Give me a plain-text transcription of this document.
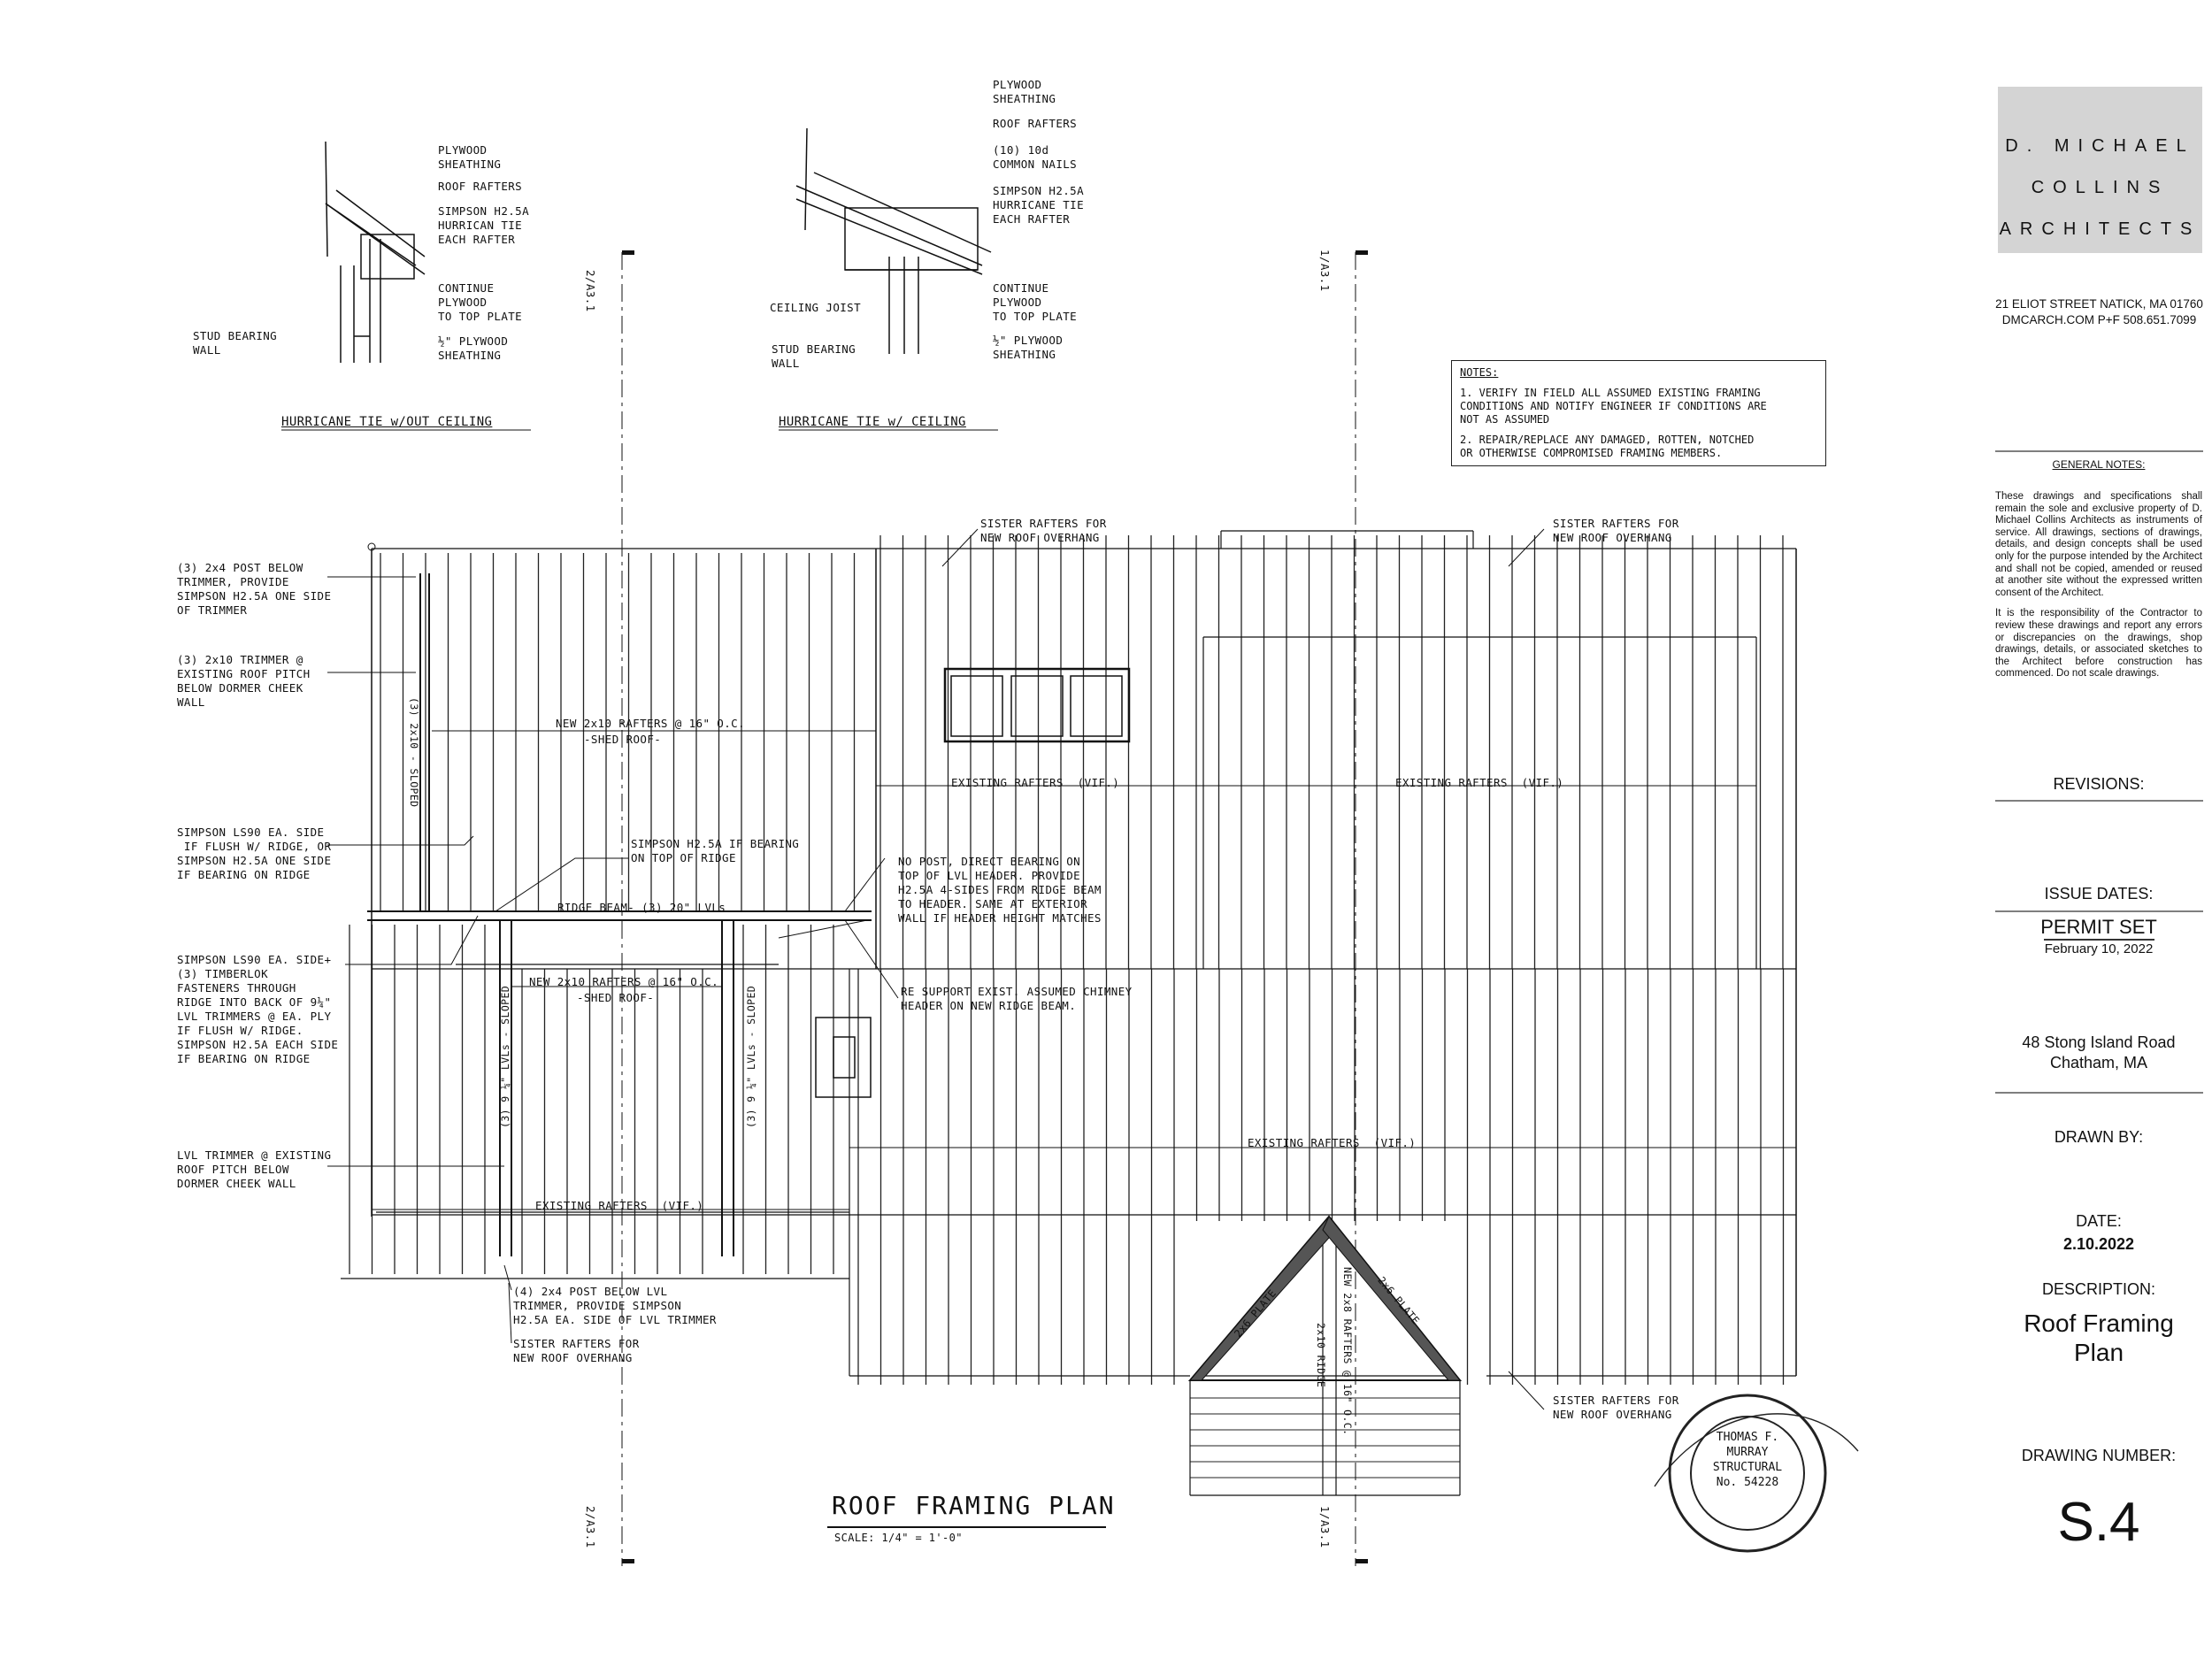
THOMAS F.
MURRAY
STRUCTURAL
No. 54228
PLYWOOD
SHEATHING
ROOF RAFTERS
SIMPSON H2.5A
HURRICAN TIE
EACH RAFTER
CONTINUE
PLYWOOD
TO TOP PLATE
STUD BEARING
WALL
½" PLYWOOD
SHEATHING
HURRICANE TIE w/OUT CEILING
PLYWOOD
SHEATHING
ROOF RAFTERS
(10) 10d
COMMON NAILS
SIMPSON H2.5A
HURRICANE TIE
EACH RAFTER
CONTINUE
PLYWOOD
TO TOP PLATE
CEILING JOIST
STUD BEARING
WALL
½" PLYWOOD
SHEATHING
HURRICANE TIE w/ CEILING
2/A3.1	1/A3.1
2/A3.1	1/A3.1
NOTES:
1. VERIFY IN FIELD ALL ASSUMED EXISTING FRAMING
CONDITIONS AND NOTIFY ENGINEER IF CONDITIONS ARE
NOT AS ASSUMED
2. REPAIR/REPLACE ANY DAMAGED, ROTTEN, NOTCHED
OR OTHERWISE COMPROMISED FRAMING MEMBERS.
(3) 2x4 POST BELOW
TRIMMER, PROVIDE
SIMPSON H2.5A ONE SIDE
OF TRIMMER
(3) 2x10 TRIMMER @
EXISTING ROOF PITCH
BELOW DORMER CHEEK
WALL
SIMPSON LS90 EA. SIDE
IF FLUSH W/ RIDGE, OR
SIMPSON H2.5A ONE SIDE
IF BEARING ON RIDGE
SIMPSON LS90 EA. SIDE+
(3) TIMBERLOK
FASTENERS THROUGH
RIDGE INTO BACK OF 9¼"
LVL TRIMMERS @ EA. PLY
IF FLUSH W/ RIDGE.
SIMPSON H2.5A EACH SIDE
IF BEARING ON RIDGE
LVL TRIMMER @ EXISTING
ROOF PITCH BELOW
DORMER CHEEK WALL
(4) 2x4 POST BELOW LVL
TRIMMER, PROVIDE SIMPSON
H2.5A EA. SIDE OF LVL TRIMMER
SISTER RAFTERS FOR
NEW ROOF OVERHANG
SISTER RAFTERS FOR
NEW ROOF OVERHANG
SISTER RAFTERS FOR
NEW ROOF OVERHANG
SISTER RAFTERS FOR
NEW ROOF OVERHANG
SIMPSON H2.5A IF BEARING
ON TOP OF RIDGE	NO POST, DIRECT BEARING ON
TOP OF LVL HEADER. PROVIDE
H2.5A 4-SIDES FROM RIDGE BEAM
TO HEADER. SAME AT EXTERIOR
WALL IF HEADER HEIGHT MATCHES
RE SUPPORT EXIST. ASSUMED CHIMNEY
HEADER ON NEW RIDGE BEAM.
NEW 2x10 RAFTERS @ 16" O.C.
-SHED ROOF-
NEW 2x10 RAFTERS @ 16" O.C.
-SHED ROOF-
EXISTING RAFTERS  (VIF.)	EXISTING RAFTERS  (VIF.)
EXISTING RAFTERS  (VIF.)
EXISTING RAFTERS  (VIF.)
RIDGE BEAM- (3) 20" LVLs
(3) 2x10 - SLOPED
(3) 9 ¼" LVLs - SLOPED	(3) 9 ¼" LVLs - SLOPED
NEW 2x8 RAFTERS @ 16" O.C.
2x10 RIDGE
2x6 PLATE	2x6 PLATE
ROOF FRAMING PLAN
SCALE: 1/4" = 1'-0"
D. MICHAEL
COLLINS
ARCHITECTS
21 ELIOT STREET NATICK, MA 01760
DMCARCH.COM P+F 508.651.7099
GENERAL NOTES:
These drawings and specifications shall remain the sole and exclusive property of D. Michael Collins Architects as instruments of service. All drawings, sections of drawings, details, and design concepts shall be used only for the purpose intended by the Architect and shall not be copied, amended or reused at another site without the expressed written consent of the Architect.
It is the responsibility of the Contractor to review these drawings and report any errors or discrepancies on the drawings, shop drawings, details, or associated sketches to the Architect before construction has commenced. Do not scale drawings.
REVISIONS:
ISSUE DATES:
PERMIT SET
February 10, 2022
48 Stong Island Road
Chatham, MA
DRAWN BY:
DATE:
2.10.2022
DESCRIPTION:
Roof Framing
Plan
DRAWING NUMBER:
S.4
